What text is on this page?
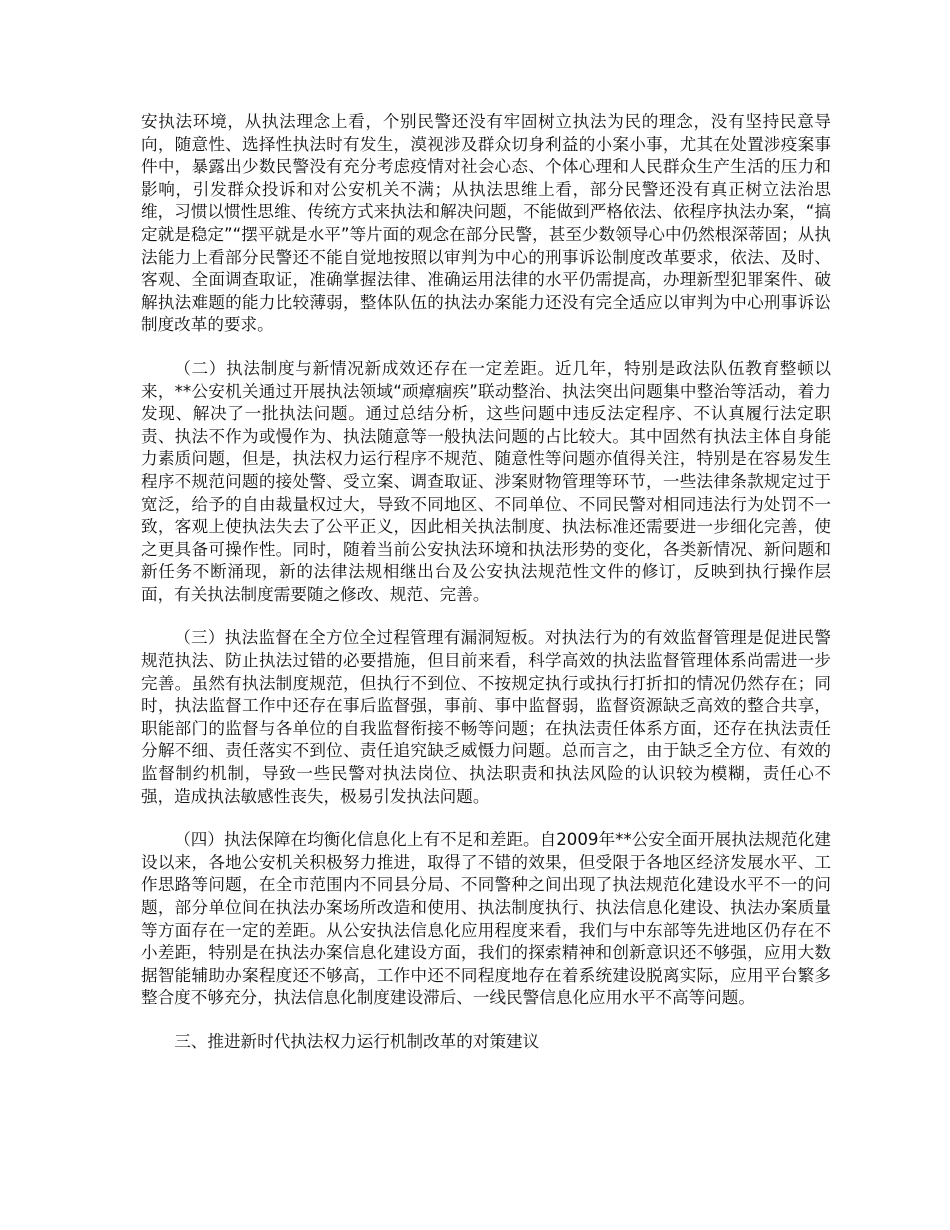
安执法环境，从执法理念上看，个别民警还没有牢固树立执法为民的理念，没有坚持民意导向，随意性、选择性执法时有发生，漠视涉及群众切身利益的小案小事，尤其在处置涉疫案事件中，暴露出少数民警没有充分考虑疫情对社会心态、个体心理和人民群众生产生活的压力和影响，引发群众投诉和对公安机关不满；从执法思维上看，部分民警还没有真正树立法治思维，习惯以惯性思维、传统方式来执法和解决问题，不能做到严格依法、依程序执法办案，“搞定就是稳定”“摆平就是水平”等片面的观念在部分民警，甚至少数领导心中仍然根深蒂固；从执法能力上看部分民警还不能自觉地按照以审判为中心的刑事诉讼制度改革要求，依法、及时、客观、全面调查取证，准确掌握法律、准确运用法律的水平仍需提高，办理新型犯罪案件、破解执法难题的能力比较薄弱，整体队伍的执法办案能力还没有完全适应以审判为中心刑事诉讼制度改革的要求。

（二）执法制度与新情况新成效还存在一定差距。近几年，特别是政法队伍教育整顿以来，**公安机关通过开展执法领域“顽瘴痼疾”联动整治、执法突出问题集中整治等活动，着力发现、解决了一批执法问题。通过总结分析，这些问题中违反法定程序、不认真履行法定职责、执法不作为或慢作为、执法随意等一般执法问题的占比较大。其中固然有执法主体自身能力素质问题，但是，执法权力运行程序不规范、随意性等问题亦值得关注，特别是在容易发生程序不规范问题的接处警、受立案、调查取证、涉案财物管理等环节，一些法律条款规定过于宽泛，给予的自由裁量权过大，导致不同地区、不同单位、不同民警对相同违法行为处罚不一致，客观上使执法失去了公平正义，因此相关执法制度、执法标准还需要进一步细化完善，使之更具备可操作性。同时，随着当前公安执法环境和执法形势的变化，各类新情况、新问题和新任务不断涌现，新的法律法规相继出台及公安执法规范性文件的修订，反映到执行操作层面，有关执法制度需要随之修改、规范、完善。

（三）执法监督在全方位全过程管理有漏洞短板。对执法行为的有效监督管理是促进民警规范执法、防止执法过错的必要措施，但目前来看，科学高效的执法监督管理体系尚需进一步完善。虽然有执法制度规范，但执行不到位、不按规定执行或执行打折扣的情况仍然存在；同时，执法监督工作中还存在事后监督强，事前、事中监督弱，监督资源缺乏高效的整合共享，职能部门的监督与各单位的自我监督衔接不畅等问题；在执法责任体系方面，还存在执法责任分解不细、责任落实不到位、责任追究缺乏威慑力问题。总而言之，由于缺乏全方位、有效的监督制约机制，导致一些民警对执法岗位、执法职责和执法风险的认识较为模糊，责任心不强，造成执法敏感性丧失，极易引发执法问题。

（四）执法保障在均衡化信息化上有不足和差距。自2009年**公安全面开展执法规范化建设以来，各地公安机关积极努力推进，取得了不错的效果，但受限于各地区经济发展水平、工作思路等问题，在全市范围内不同县分局、不同警种之间出现了执法规范化建设水平不一的问题，部分单位间在执法办案场所改造和使用、执法制度执行、执法信息化建设、执法办案质量等方面存在一定的差距。从公安执法信息化应用程度来看，我们与中东部等先进地区仍存在不小差距，特别是在执法办案信息化建设方面，我们的探索精神和创新意识还不够强，应用大数据智能辅助办案程度还不够高，工作中还不同程度地存在着系统建设脱离实际，应用平台繁多整合度不够充分，执法信息化制度建设滞后、一线民警信息化应用水平不高等问题。

三、推进新时代执法权力运行机制改革的对策建议
